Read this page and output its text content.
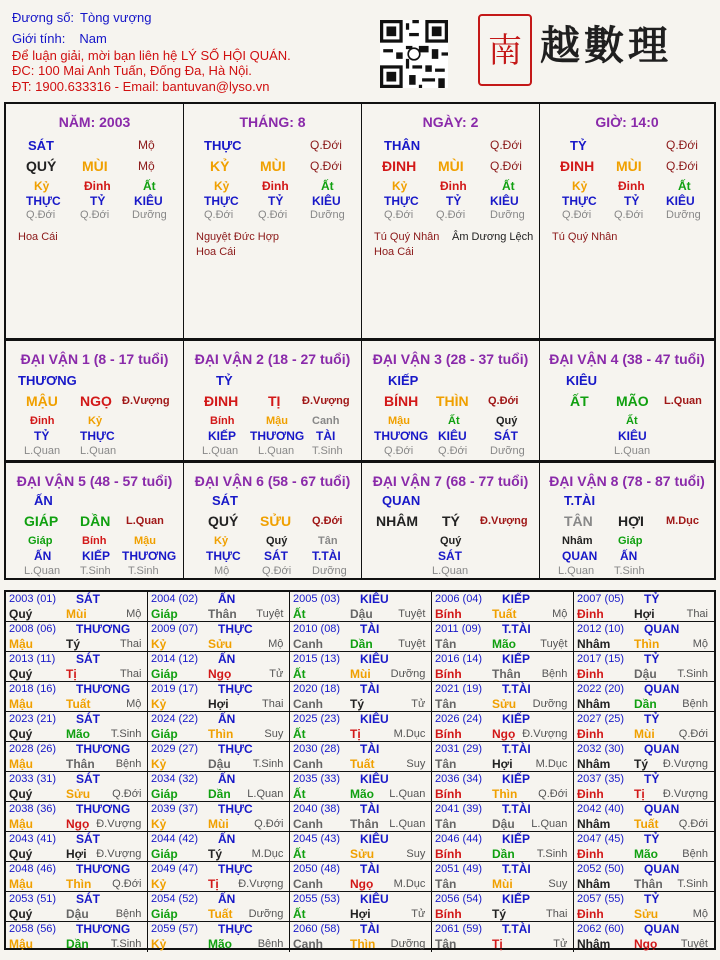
Đương số: Tòng vượng
Giới tính: Nam
Để luận giải, mời bạn liên hệ LÝ SỐ HỘI QUÁN.
ĐC: 100 Mai Anh Tuấn, Đống Đa, Hà Nội.
ĐT: 1900.633316 - Email: bantuvan@lyso.vn
南 越數理
NĂM: 2003
SÁT	Mộ
QUÝ MÙI	Mộ
Kỷ	Đinh	Ất
THỰC TỶ KIÊU
Q.Đới Q.Đới Dưỡng
Hoa Cái
THÁNG: 8
THỰC	Q.Đới
KỶ MÙI Q.Đới
Kỷ	Đinh	Ất
THỰC TỶ KIÊU
Q.Đới Q.Đới Dưỡng
Nguyệt Đức Hợp
Hoa Cái
NGÀY: 2
THÂN	Q.Đới
ĐINH MÙI Q.Đới
Kỷ	Đinh	Ất
THỰC TỶ KIÊU
Q.Đới Q.Đới Dưỡng
Tú Quý Nhân Âm Dương Lệch
Hoa Cái
GIỜ: 14:0
TỶ	Q.Đới
ĐINH MÙI Q.Đới
Kỷ	Đinh	Ất
THỰC TỶ KIÊU
Q.Đới Q.Đới Dưỡng
Tú Quý Nhân
ĐẠI VẬN 1 (8 - 17 tuổi)
THƯƠNG
MẬU NGỌ Đ.Vượng
Đinh	Kỷ
TỶ	THỰC
L.Quan L.Quan
ĐẠI VẬN 2 (18 - 27 tuổi)
TỶ
ĐINH TỊ Đ.Vượng
Bính	Mậu Canh
KIẾP THƯƠNG TÀI
L.Quan L.Quan T.Sinh
ĐẠI VẬN 3 (28 - 37 tuổi)
KIẾP
BÍNH THÌN Q.Đới
Mậu	Ất	Quý
THƯƠNG KIÊU SÁT
Q.Đới Q.Đới Dưỡng
ĐẠI VẬN 4 (38 - 47 tuổi)
KIÊU
ẤT MÃO L.Quan
Ất
KIÊU
L.Quan
ĐẠI VẬN 5 (48 - 57 tuổi)
ẤN
GIÁP DẦN L.Quan
Giáp	Bính	Mậu
ẤN	KIẾP THƯƠNG
L.Quan T.Sinh T.Sinh
ĐẠI VẬN 6 (58 - 67 tuổi)
SÁT
QUÝ SỬU Q.Đới
Kỷ	Quý	Tân
THỰC SÁT T.TÀI
Mộ	Q.Đới Dưỡng
ĐẠI VẬN 7 (68 - 77 tuổi)
QUAN
NHÂM TÝ Đ.Vượng
Quý
SÁT
L.Quan
ĐẠI VẬN 8 (78 - 87 tuổi)
T.TÀI
TÂN HỢI M.Dục
Nhâm Giáp
QUAN ẤN
L.Quan T.Sinh
2003 (01) SÁT
Quý	Mùi	Mộ
2004 (02) ẤN
Giáp	Thân Tuyệt
2005 (03) KIÊU
Ất	Dậu Tuyệt
2006 (04) KIẾP
Bính	Tuất	Mộ
2007 (05) TỶ
Đinh	Hợi	Thai
2008 (06) THƯƠNG
Mậu	Tý	Thai
2009 (07) THỰC
Kỷ	Sửu	Mộ
2010 (08) TÀI
Canh Dần Tuyệt
2011 (09) T.TÀI
Tân	Mão Tuyệt
2012 (10) QUAN
Nhâm Thìn	Mộ
2013 (11) SÁT
Quý	Tị	Thai
2014 (12) ẤN
Giáp	Ngọ	Tử
2015 (13) KIÊU
Ất	Mùi Dưỡng
2016 (14) KIẾP
Bính	Thân Bệnh
2017 (15) TỶ
Đinh	Dậu T.Sinh
2018 (16) THƯƠNG
Mậu	Tuất	Mộ
2019 (17) THỰC
Kỷ	Hợi	Thai
2020 (18) TÀI
Canh Tý	Tử
2021 (19) T.TÀI
Tân	Sửu Dưỡng
2022 (20) QUAN
Nhâm Dần Bệnh
2023 (21) SÁT
Quý	Mão T.Sinh
2024 (22) ẤN
Giáp	Thìn	Suy
2025 (23) KIÊU
Ất	Tị	M.Dục
2026 (24) KIẾP
Bính	Ngọ Đ.Vượng
2027 (25) TỶ
Đinh	Mùi Q.Đới
2028 (26) THƯƠNG
Mậu	Thân Bệnh
2029 (27) THỰC
Kỷ	Dậu T.Sinh
2030 (28) TÀI
Canh Tuất	Suy
2031 (29) T.TÀI
Tân	Hợi M.Dục
2032 (30) QUAN
Nhâm Tý Đ.Vượng
2033 (31) SÁT
Quý	Sửu Q.Đới
2034 (32) ẤN
Giáp	Dần L.Quan
2035 (33) KIÊU
Ất	Mão L.Quan
2036 (34) KIẾP
Bính	Thìn Q.Đới
2037 (35) TỶ
Đinh	Tị Đ.Vượng
2038 (36) THƯƠNG
Mậu	Ngọ Đ.Vượng
2039 (37) THỰC
Kỷ	Mùi Q.Đới
2040 (38) TÀI
Canh Thân L.Quan
2041 (39) T.TÀI
Tân	Dậu L.Quan
2042 (40) QUAN
Nhâm Tuất Q.Đới
2043 (41) SÁT
Quý	Hợi Đ.Vượng
2044 (42) ẤN
Giáp	Tý	M.Dục
2045 (43) KIÊU
Ất	Sửu	Suy
2046 (44) KIẾP
Bính	Dần T.Sinh
2047 (45) TỶ
Đinh	Mão Bệnh
2048 (46) THƯƠNG
Mậu	Thìn Q.Đới
2049 (47) THỰC
Kỷ	Tị Đ.Vượng
2050 (48) TÀI
Canh Ngọ M.Dục
2051 (49) T.TÀI
Tân	Mùi	Suy
2052 (50) QUAN
Nhâm Thân T.Sinh
2053 (51) SÁT
Quý	Dậu Bệnh
2054 (52) ẤN
Giáp	Tuất Dưỡng
2055 (53) KIÊU
Ất	Hợi	Tử
2056 (54) KIẾP
Bính	Tý	Thai
2057 (55) TỶ
Đinh	Sửu	Mộ
2058 (56) THƯƠNG
Mậu	Dần T.Sinh
2059 (57) THỰC
Kỷ	Mão Bệnh
2060 (58) TÀI
Canh Thìn Dưỡng
2061 (59) T.TÀI
Tân	Tị	Tử
2062 (60) QUAN
Nhâm Ngọ Tuyệt
